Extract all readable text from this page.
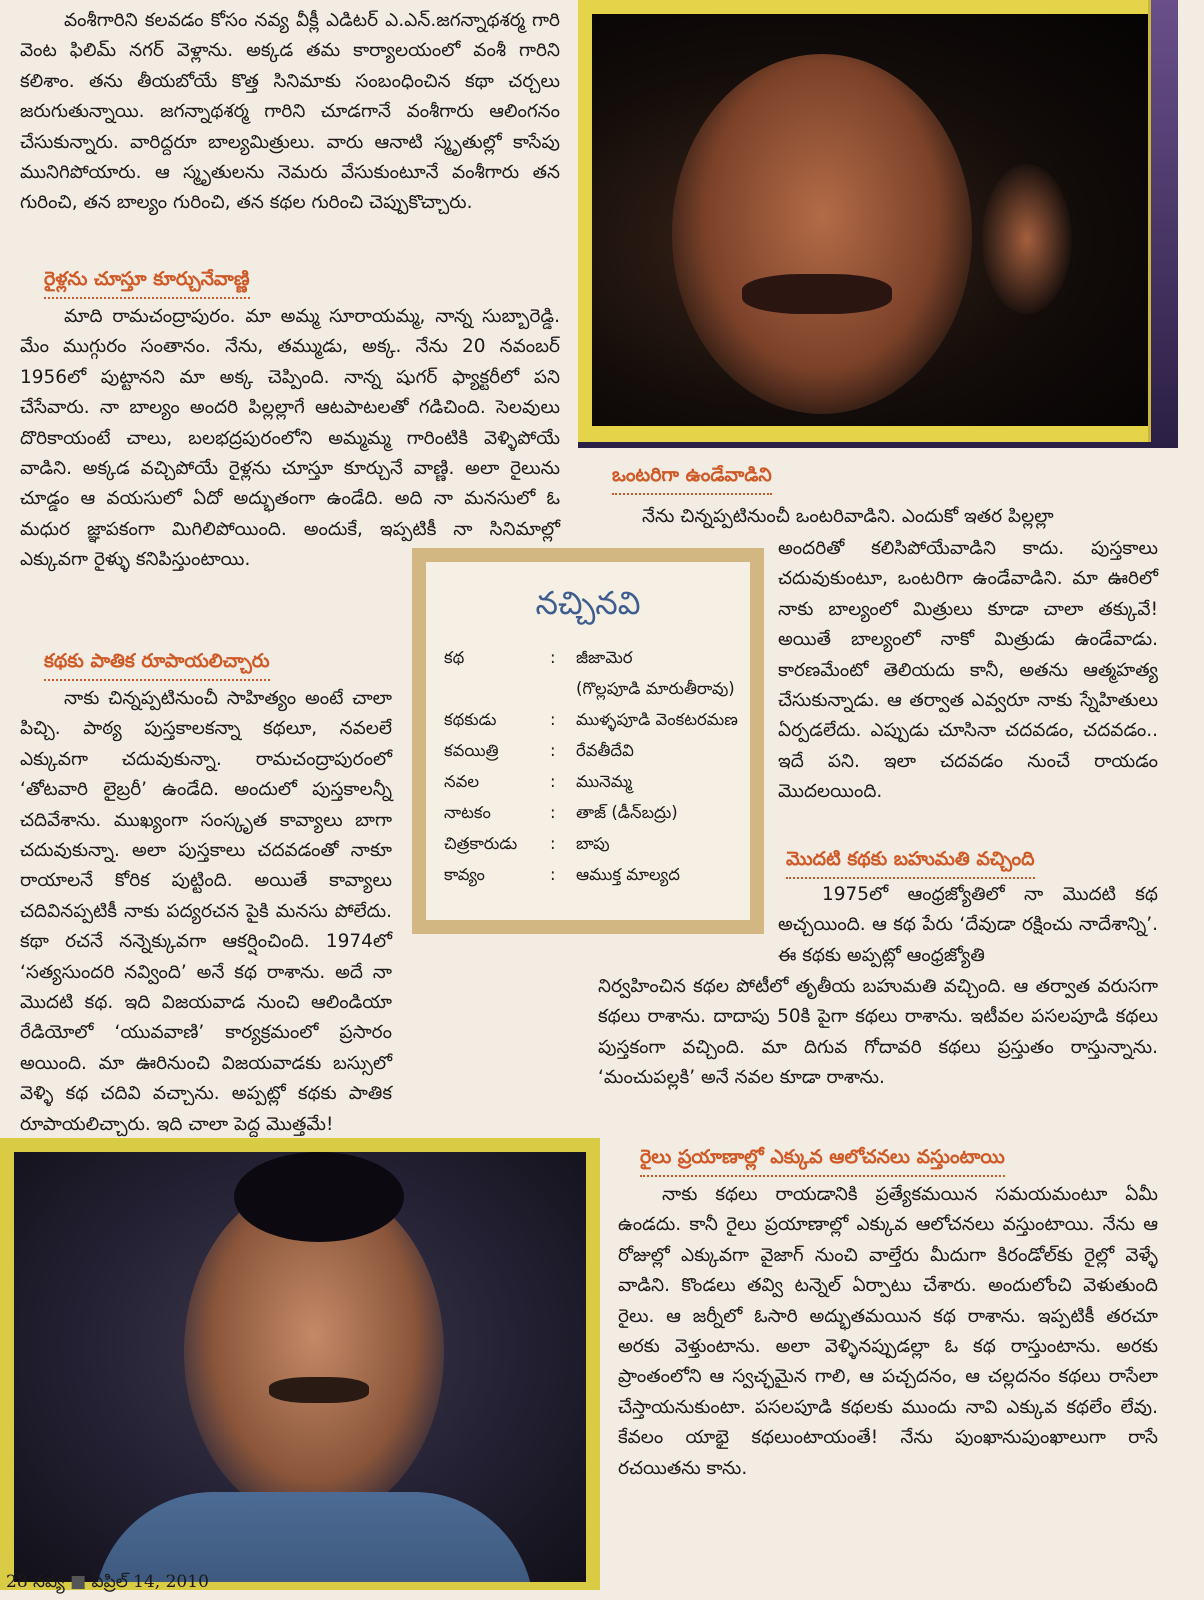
వంశీగారిని కలవడం కోసం నవ్య వీక్లీ ఎడిటర్ ఎ.ఎన్.జగన్నాథశర్మ గారి వెంట ఫిలిమ్ నగర్ వెళ్లాను. అక్కడ తమ కార్యాలయంలో వంశీ గారిని కలిశాం. తను తీయబోయే కొత్త సినిమాకు సంబంధించిన కథా చర్చలు జరుగుతున్నాయి. జగన్నాథశర్మ గారిని చూడగానే వంశీగారు ఆలింగనం చేసుకున్నారు. వారిద్దరూ బాల్యమిత్రులు. వారు ఆనాటి స్మృతుల్లో కాసేపు మునిగిపోయారు. ఆ స్మృతులను నెమరు వేసుకుంటూనే వంశీగారు తన గురించి, తన బాల్యం గురించి, తన కథల గురించి చెప్పుకొచ్చారు.

రైళ్లను చూస్తూ కూర్చునేవాణ్ణి

మాది రామచంద్రాపురం. మా అమ్మ సూరాయమ్మ, నాన్న సుబ్బారెడ్డి. మేం ముగ్గురం సంతానం. నేను, తమ్ముడు, అక్క. నేను 20 నవంబర్ 1956లో పుట్టానని మా అక్క చెప్పింది. నాన్న షుగర్ ఫ్యాక్టరీలో పని చేసేవారు. నా బాల్యం అందరి పిల్లల్లాగే ఆటపాటలతో గడిచింది. సెలవులు దొరికాయంటే చాలు, బలభద్రపురంలోని అమ్మమ్మ గారింటికి వెళ్ళిపోయే వాడిని. అక్కడ వచ్చిపోయే రైళ్లను చూస్తూ కూర్చునే వాణ్ణి. అలా రైలును చూడ్డం ఆ వయసులో ఏదో అద్భుతంగా ఉండేది. అది నా మనసులో ఓ మధుర జ్ఞాపకంగా మిగిలిపోయింది. అందుకే, ఇప్పటికీ నా సినిమాల్లో ఎక్కువగా రైళ్ళు కనిపిస్తుంటాయి.

ఒంటరిగా ఉండేవాడిని

నేను చిన్నప్పటినుంచీ ఒంటరివాడిని. ఎందుకో ఇతర పిల్లల్లా

అందరితో కలిసిపోయేవాడిని కాదు. పుస్తకాలు చదువుకుంటూ, ఒంటరిగా ఉండేవాడిని. మా ఊరిలో నాకు బాల్యంలో మిత్రులు కూడా చాలా తక్కువే! అయితే బాల్యంలో నాకో మిత్రుడు ఉండేవాడు. కారణమేంటో తెలియదు కానీ, అతను ఆత్మహత్య చేసుకున్నాడు. ఆ తర్వాత ఎవ్వరూ నాకు స్నేహితులు ఏర్పడలేదు. ఎప్పుడు చూసినా చదవడం, చదవడం.. ఇదే పని. ఇలా చదవడం నుంచే రాయడం మొదలయింది.

నచ్చినవి
కథ	:	జీజామెర
		(గొల్లపూడి మారుతీరావు)
కథకుడు	:	ముళ్ళపూడి వెంకటరమణ
కవయిత్రి	:	రేవతీదేవి
నవల	:	మునెమ్మ
నాటకం	:	తాజ్ (డీన్‌బద్రు)
చిత్రకారుడు	:	బాపు
కావ్యం	:	ఆముక్త మాల్యద
కథకు పాతిక రూపాయలిచ్చారు

నాకు చిన్నప్పటినుంచీ సాహిత్యం అంటే చాలా పిచ్చి. పాఠ్య పుస్తకాలకన్నా కథలూ, నవలలే ఎక్కువగా చదువుకున్నా. రామచంద్రాపురంలో ‘తోటవారి లైబ్రరీ’ ఉండేది. అందులో పుస్తకాలన్నీ చదివేశాను. ముఖ్యంగా సంస్కృత కావ్యాలు బాగా చదువుకున్నా. అలా పుస్తకాలు చదవడంతో నాకూ రాయాలనే కోరిక పుట్టింది. అయితే కావ్యాలు చదివినప్పటికీ నాకు పద్యరచన పైకి మనసు పోలేదు. కథా రచనే నన్నెక్కువగా ఆకర్షించింది. 1974లో ‘సత్యసుందరి నవ్వింది’ అనే కథ రాశాను. అదే నా మొదటి కథ. ఇది విజయవాడ నుంచి ఆలిండియా రేడియోలో ‘యువవాణి’ కార్యక్రమంలో ప్రసారం అయింది. మా ఊరినుంచి విజయవాడకు బస్సులో వెళ్ళి కథ చదివి వచ్చాను. అప్పట్లో కథకు పాతిక రూపాయలిచ్చారు. ఇది చాలా పెద్ద మొత్తమే!

మొదటి కథకు బహుమతి వచ్చింది

1975లో ఆంధ్రజ్యోతిలో నా మొదటి కథ అచ్చయింది. ఆ కథ పేరు ‘దేవుడా రక్షించు నాదేశాన్ని’. ఈ కథకు అప్పట్లో ఆంధ్రజ్యోతి

నిర్వహించిన కథల పోటీలో తృతీయ బహుమతి వచ్చింది. ఆ తర్వాత వరుసగా కథలు రాశాను. దాదాపు 50కి పైగా కథలు రాశాను. ఇటీవల పసలపూడి కథలు పుస్తకంగా వచ్చింది. మా దిగువ గోదావరి కథలు ప్రస్తుతం రాస్తున్నాను. ‘మంచుపల్లకి’ అనే నవల కూడా రాశాను.

రైలు ప్రయాణాల్లో ఎక్కువ ఆలోచనలు వస్తుంటాయి

నాకు కథలు రాయడానికి ప్రత్యేకమయిన సమయమంటూ ఏమీ ఉండదు. కానీ రైలు ప్రయాణాల్లో ఎక్కువ ఆలోచనలు వస్తుంటాయి. నేను ఆ రోజుల్లో ఎక్కువగా వైజాగ్ నుంచి వాల్తేరు మీదుగా కిరండోల్‌కు రైల్లో వెళ్ళే వాడిని. కొండలు తవ్వి టన్నెల్ ఏర్పాటు చేశారు. అందులోంచి వెళుతుంది రైలు. ఆ జర్నీలో ఓసారి అద్భుతమయిన కథ రాశాను. ఇప్పటికీ తరచూ అరకు వెళ్తుంటాను. అలా వెళ్ళినప్పుడల్లా ఓ కథ రాస్తుంటాను. అరకు ప్రాంతంలోని ఆ స్వచ్ఛమైన గాలి, ఆ పచ్చదనం, ఆ చల్లదనం కథలు రాసేలా చేస్తాయనుకుంటా. పసలపూడి కథలకు ముందు నావి ఎక్కువ కథలేం లేవు. కేవలం యాభై కథలుంటాయంతే! నేను పుంఖానుపుంఖాలుగా రాసే రచయితను కాను.

28 నవ్య ■ ఏప్రిల్ 14, 2010
